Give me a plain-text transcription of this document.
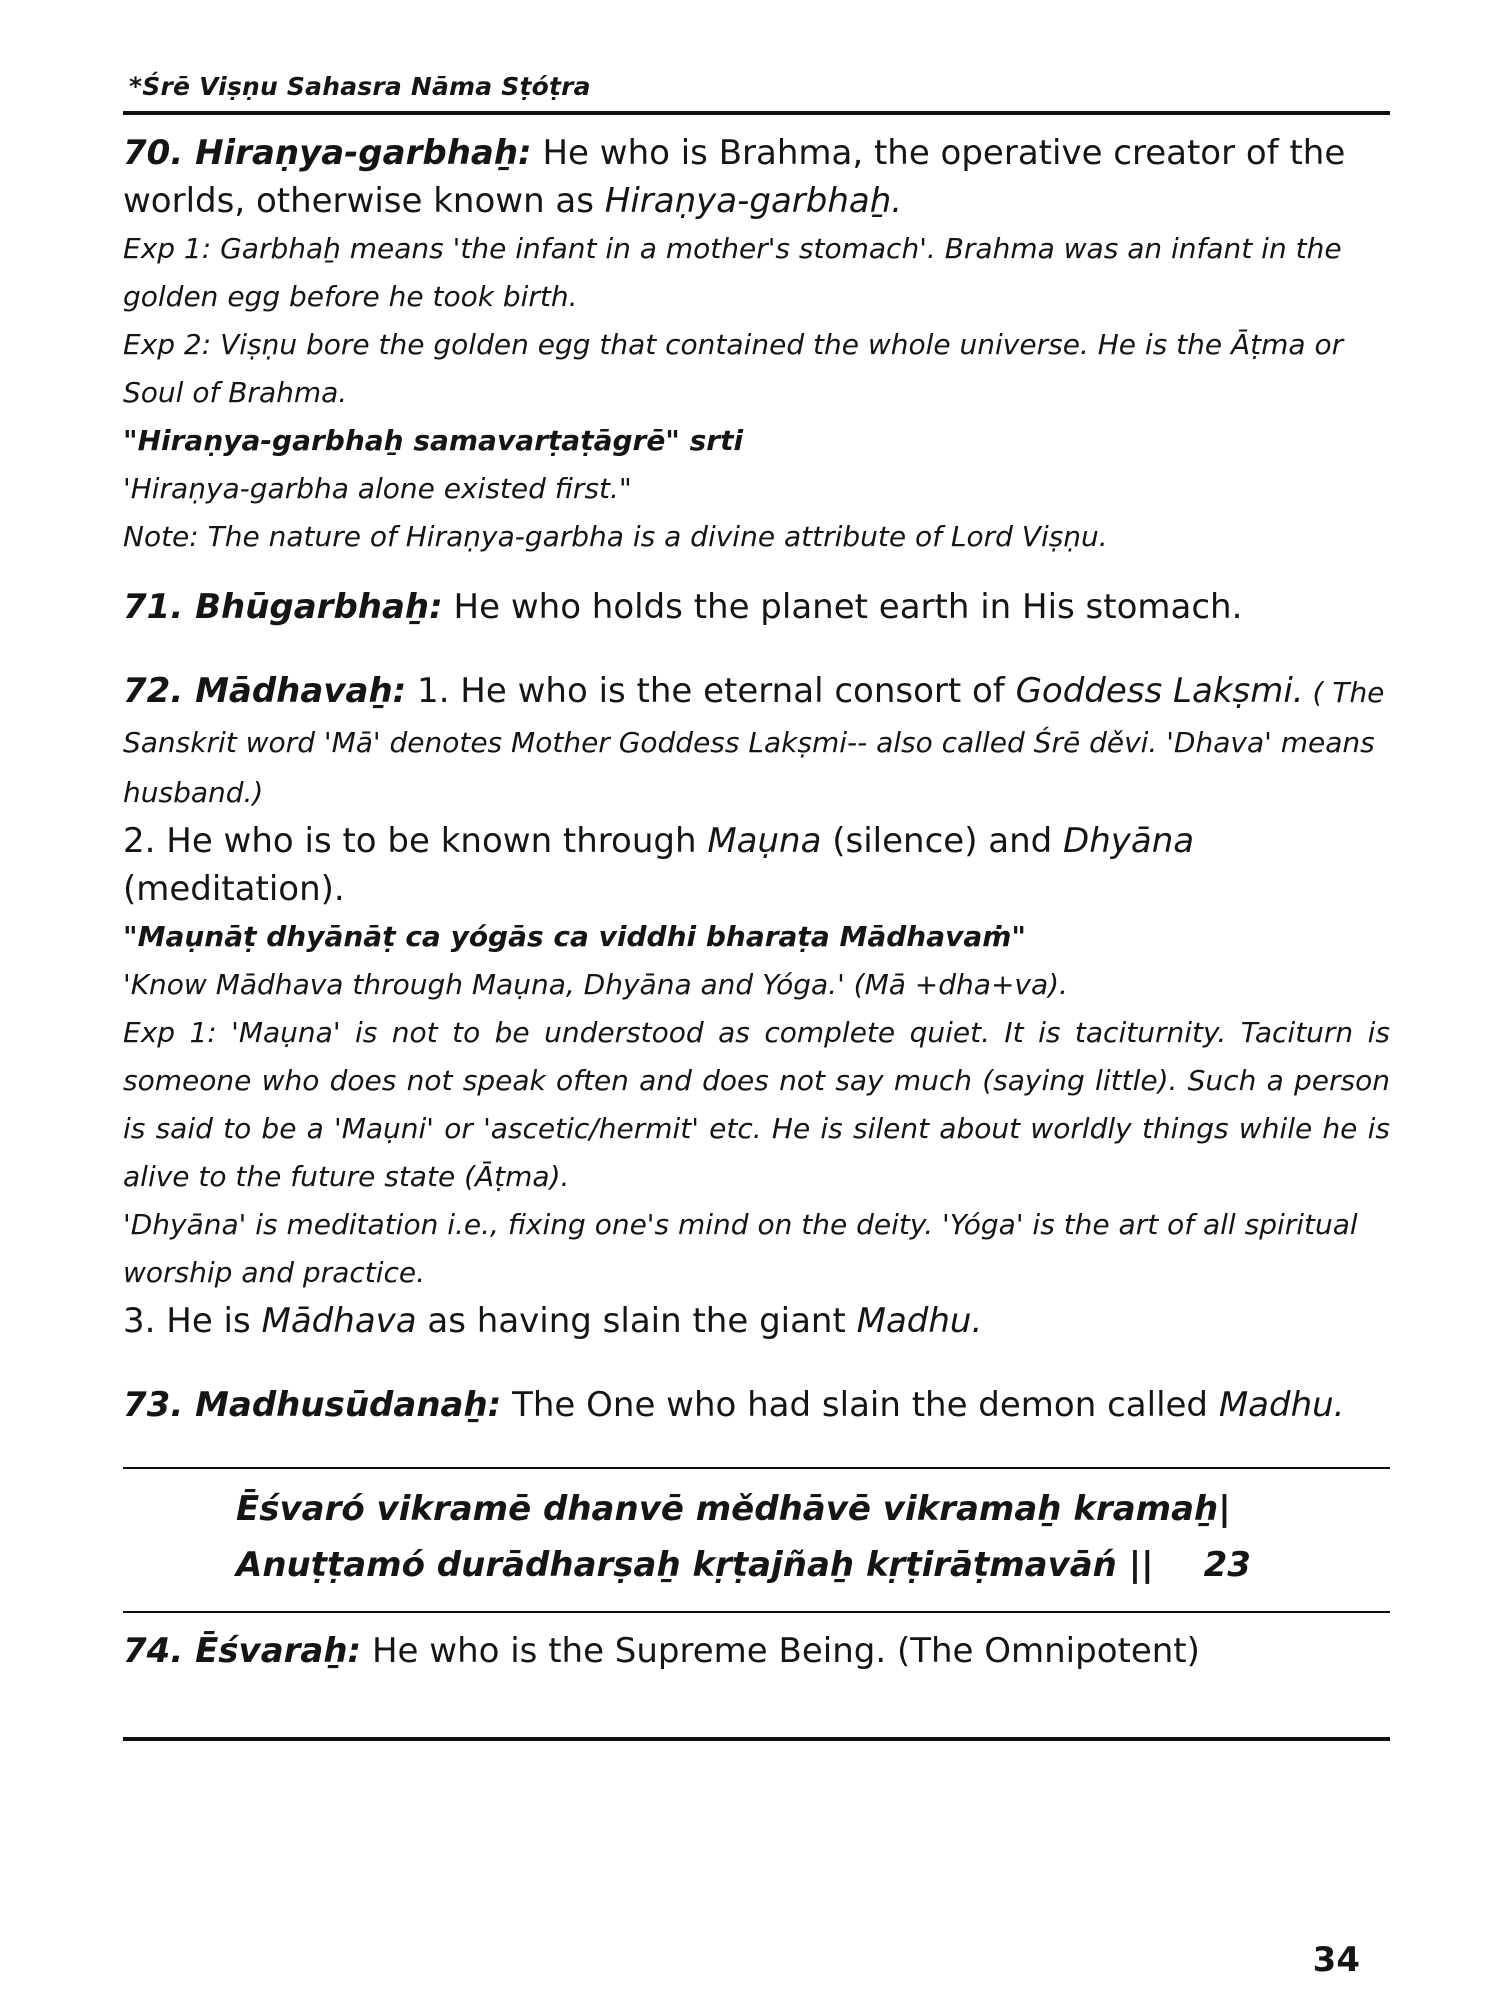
*Śrē Viṣṇu Sahasra Nāma Sṭóṭra

70. Hiraṇya-garbhaẖ: He who is Brahma, the operative creator of the worlds, otherwise known as Hiraṇya-garbhaẖ.

Exp 1: Garbhaẖ means 'the infant in a mother's stomach'. Brahma was an infant in the golden egg before he took birth.

Exp 2: Viṣṇu bore the golden egg that contained the whole universe. He is the Āṭma or Soul of Brahma.

"Hiraṇya-garbhaẖ samavarṭaṭāgrē" srti

'Hiraṇya-garbha alone existed first."

Note: The nature of Hiraṇya-garbha is a divine attribute of Lord Viṣṇu.

71. Bhūgarbhaẖ: He who holds the planet earth in His stomach.

72. Mādhavaẖ: 1. He who is the eternal consort of Goddess Lakṣmi. ( The Sanskrit word 'Mā' denotes Mother Goddess Lakṣmi-- also called Śrē děvi. 'Dhava' means husband.)

2. He who is to be known through Maụna (silence) and Dhyāna (meditation).

"Maụnāṭ dhyānāṭ ca yógās ca viddhi bharaṭa Mādhavaṁ"

'Know Mādhava through Maụna, Dhyāna and Yóga.' (Mā +dha+va).

Exp 1: 'Maụna' is not to be understood as complete quiet. It is taciturnity. Taciturn is someone who does not speak often and does not say much (saying little). Such a person is said to be a 'Maụni' or 'ascetic/hermit' etc. He is silent about worldly things while he is alive to the future state (Āṭma).

'Dhyāna' is meditation i.e., fixing one's mind on the deity. 'Yóga' is the art of all spiritual worship and practice.

3. He is Mādhava as having slain the giant Madhu.

73. Madhusūdanaẖ: The One who had slain the demon called Madhu.

Ēśvaró vikramē dhanvē mědhāvē vikramaẖ kramaẖ|
Anuṭṭamó durādharṣaẖ kṛṭajñaẖ kṛṭirāṭmavāń || 23

74. Ēśvaraẖ: He who is the Supreme Being. (The Omnipotent)

34
